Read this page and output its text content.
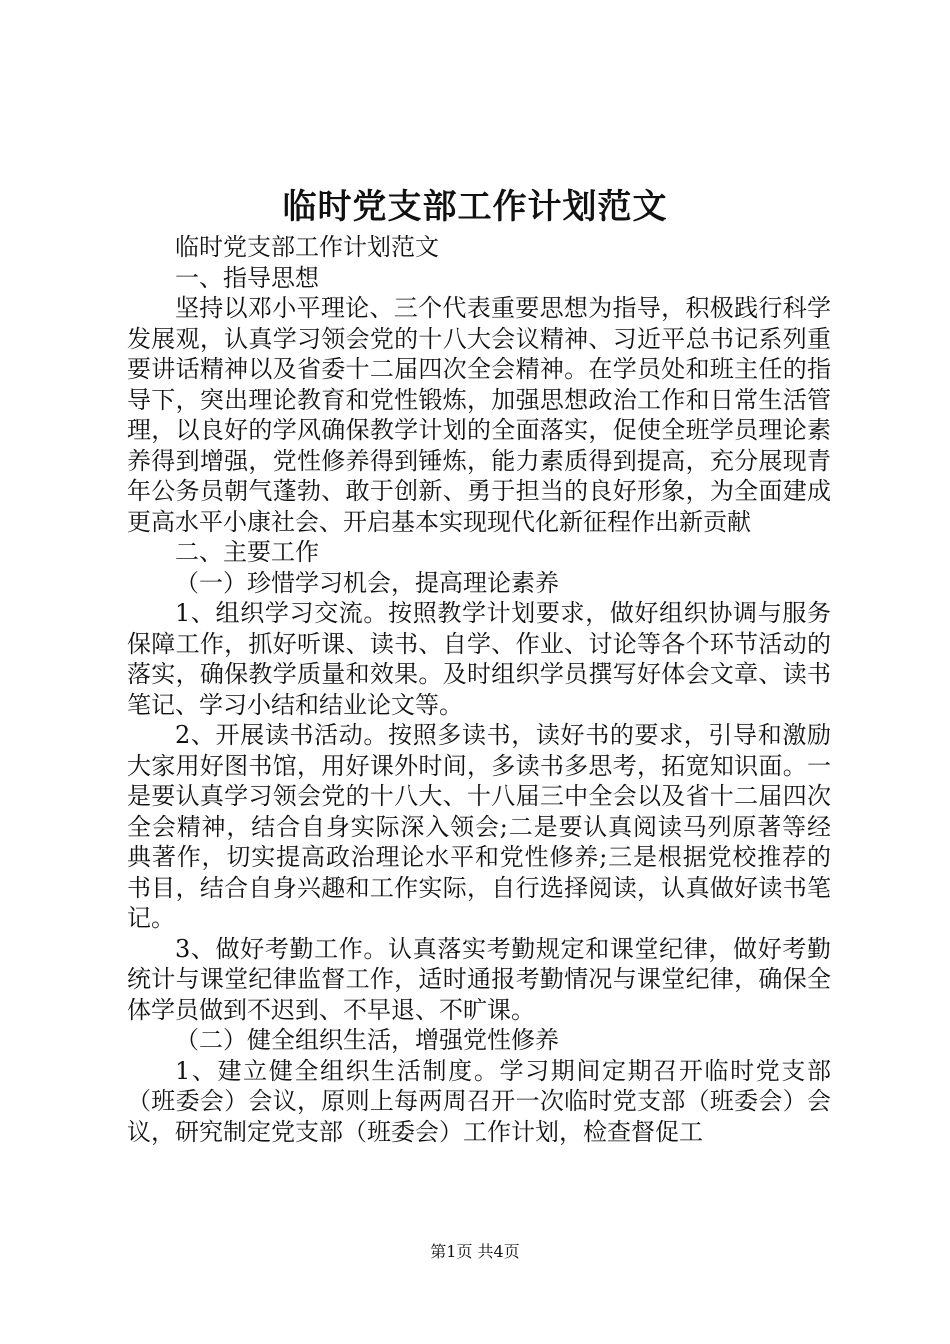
临时党支部工作计划范文

临时党支部工作计划范文

一、指导思想

坚持以邓小平理论、三个代表重要思想为指导，积极践行科学发展观，认真学习领会党的十八大会议精神、习近平总书记系列重要讲话精神以及省委十二届四次全会精神。在学员处和班主任的指导下，突出理论教育和党性锻炼，加强思想政治工作和日常生活管理，以良好的学风确保教学计划的全面落实，促使全班学员理论素养得到增强，党性修养得到锤炼，能力素质得到提高，充分展现青年公务员朝气蓬勃、敢于创新、勇于担当的良好形象，为全面建成更高水平小康社会、开启基本实现现代化新征程作出新贡献

二、主要工作

（一）珍惜学习机会，提高理论素养

1、组织学习交流。按照教学计划要求，做好组织协调与服务保障工作，抓好听课、读书、自学、作业、讨论等各个环节活动的落实，确保教学质量和效果。及时组织学员撰写好体会文章、读书笔记、学习小结和结业论文等。

2、开展读书活动。按照多读书，读好书的要求，引导和激励大家用好图书馆，用好课外时间，多读书多思考，拓宽知识面。一是要认真学习领会党的十八大、十八届三中全会以及省十二届四次全会精神，结合自身实际深入领会;二是要认真阅读马列原著等经典著作，切实提高政治理论水平和党性修养;三是根据党校推荐的书目，结合自身兴趣和工作实际，自行选择阅读，认真做好读书笔记。

3、做好考勤工作。认真落实考勤规定和课堂纪律，做好考勤统计与课堂纪律监督工作，适时通报考勤情况与课堂纪律，确保全体学员做到不迟到、不早退、不旷课。

（二）健全组织生活，增强党性修养

1、建立健全组织生活制度。学习期间定期召开临时党支部（班委会）会议，原则上每两周召开一次临时党支部（班委会）会议，研究制定党支部（班委会）工作计划，检查督促工

第1页 共4页
